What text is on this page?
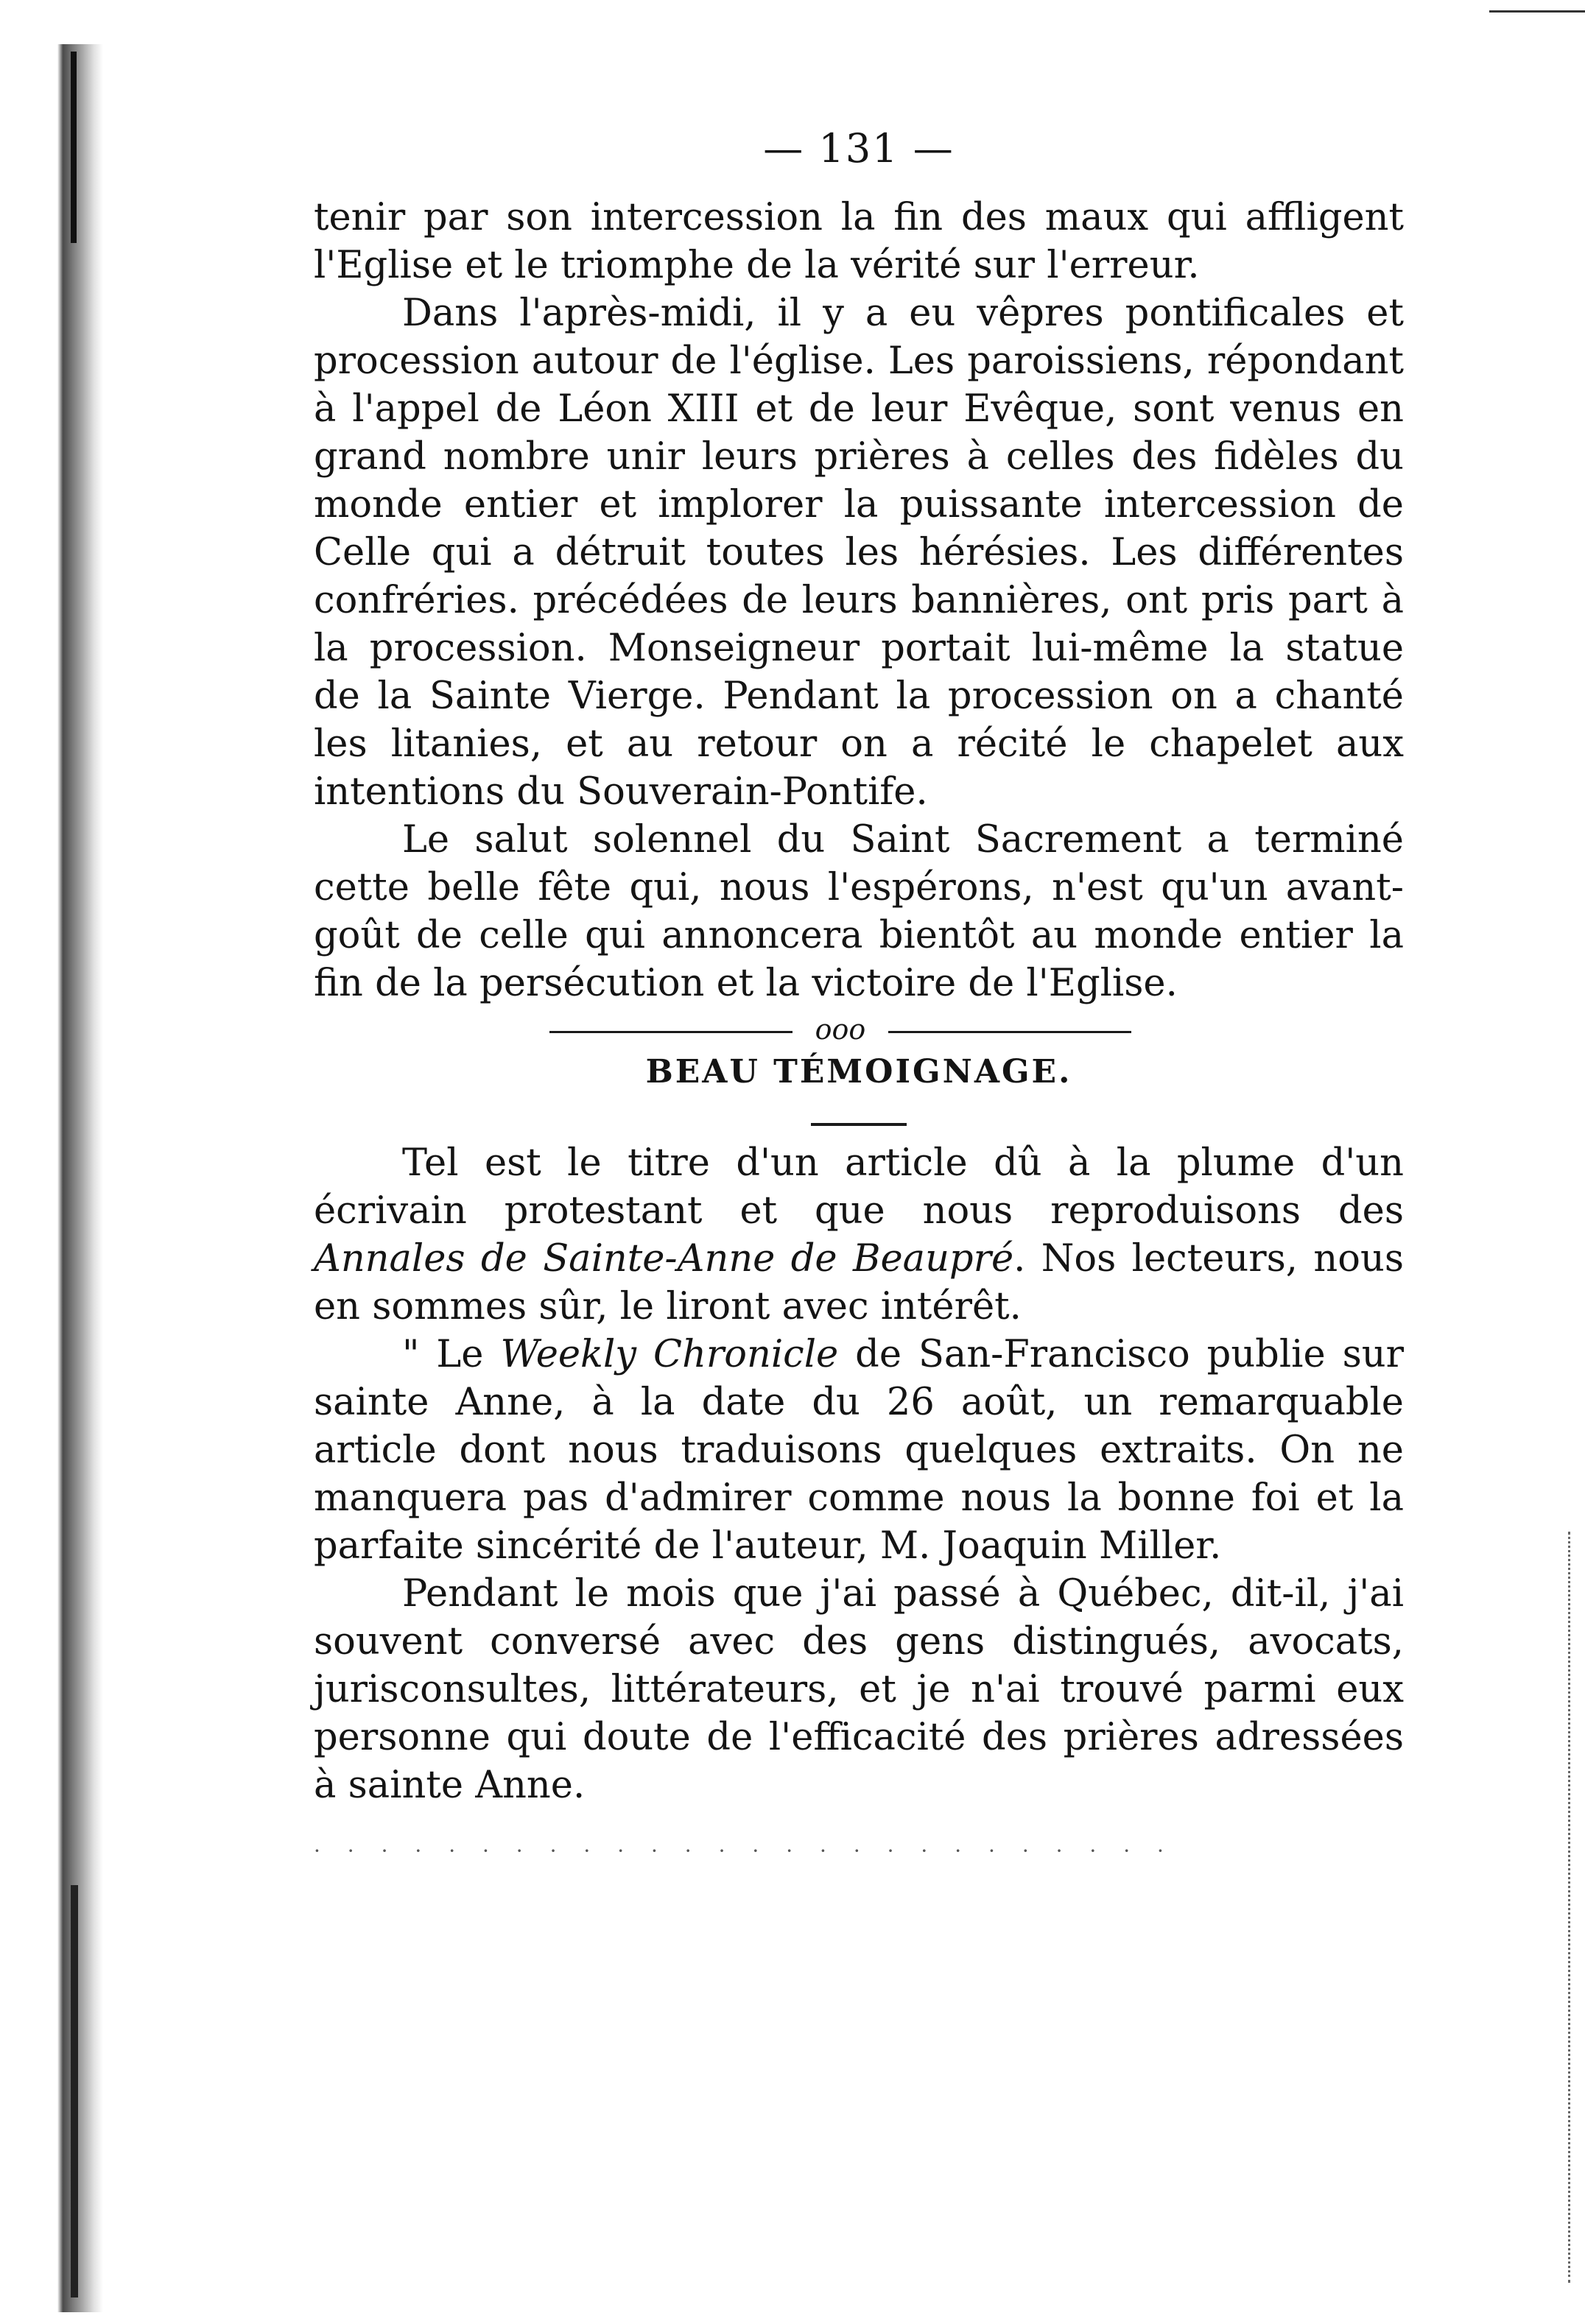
— 131 —

tenir par son intercession la fin des maux qui affligent l'Eglise et le triomphe de la vérité sur l'erreur.

Dans l'après-midi, il y a eu vêpres pontificales et procession autour de l'église. Les paroissiens, répondant à l'appel de Léon XIII et de leur Evêque, sont venus en grand nombre unir leurs prières à celles des fidèles du monde entier et implorer la puissante intercession de Celle qui a détruit toutes les hérésies. Les différentes confréries. précédées de leurs bannières, ont pris part à la procession. Monseigneur portait lui-même la statue de la Sainte Vierge. Pendant la procession on a chanté les litanies, et au retour on a récité le chapelet aux intentions du Souverain-Pontife.

Le salut solennel du Saint Sacrement a terminé cette belle fête qui, nous l'espérons, n'est qu'un avant-goût de celle qui annoncera bientôt au monde entier la fin de la persécution et la victoire de l'Eglise.

ooo
BEAU TÉMOIGNAGE.

Tel est le titre d'un article dû à la plume d'un écrivain protestant et que nous reproduisons des Annales de Sainte-Anne de Beaupré. Nos lecteurs, nous en sommes sûr, le liront avec intérêt.

" Le Weekly Chronicle de San-Francisco publie sur sainte Anne, à la date du 26 août, un remarquable article dont nous traduisons quelques extraits. On ne manquera pas d'admirer comme nous la bonne foi et la parfaite sincérité de l'auteur, M. Joaquin Miller.

Pendant le mois que j'ai passé à Québec, dit-il, j'ai souvent conversé avec des gens distingués, avocats, jurisconsultes, littérateurs, et je n'ai trouvé parmi eux personne qui doute de l'efficacité des prières adressées à sainte Anne.

· · · · · · · · · · · · · · · · · · · · · · · · · ·
